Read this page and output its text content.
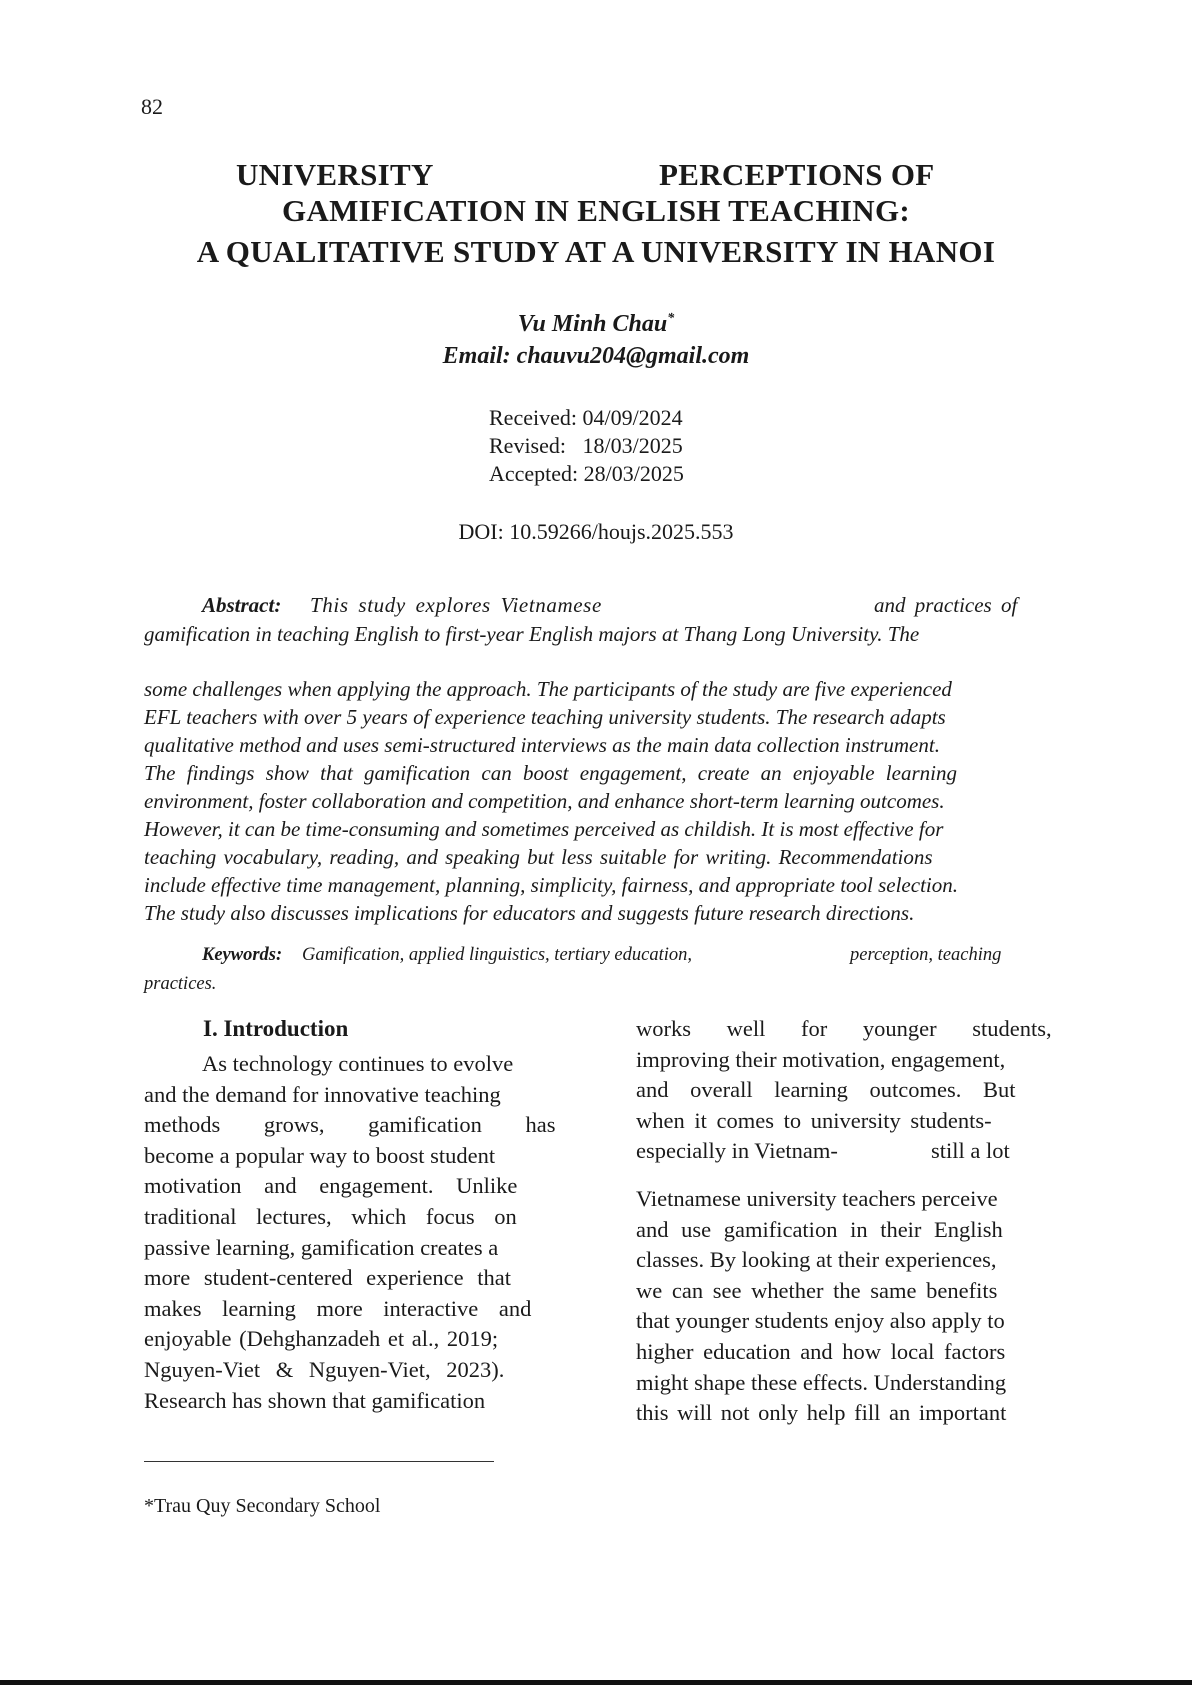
82
UNIVERSITY	PERCEPTIONS OF
GAMIFICATION IN ENGLISH TEACHING:
A QUALITATIVE STUDY AT A UNIVERSITY IN HANOI
Vu Minh Chau*
Email: chauvu204@gmail.com
Received: 04/09/2024
Revised:   18/03/2025
Accepted: 28/03/2025
DOI: 10.59266/houjs.2025.553
Abstract: This study explores Vietnamese	and practices of
gamification in teaching English to first-year English majors at Thang Long University. The
some challenges when applying the approach. The participants of the study are five experienced
EFL teachers with over 5 years of experience teaching university students. The research adapts
qualitative method and uses semi-structured interviews as the main data collection instrument.
The findings show that gamification can boost engagement, create an enjoyable learning
environment, foster collaboration and competition, and enhance short-term learning outcomes.
However, it can be time-consuming and sometimes perceived as childish. It is most effective for
teaching vocabulary, reading, and speaking but less suitable for writing. Recommendations
include effective time management, planning, simplicity, fairness, and appropriate tool selection.
The study also discusses implications for educators and suggests future research directions.
Keywords: Gamification, applied linguistics, tertiary education,	perception, teaching
practices.
I. Introduction
As technology continues to evolve
and the demand for innovative teaching
methods grows, gamification has
become a popular way to boost student
motivation and engagement. Unlike
traditional lectures, which focus on
passive learning, gamification creates a
more student-centered experience that
makes learning more interactive and
enjoyable (Dehghanzadeh et al., 2019;
Nguyen-Viet & Nguyen-Viet, 2023).
Research has shown that gamification
works well for younger students,
improving their motivation, engagement,
and overall learning outcomes. But
when it comes to university students-
especially in Vietnam-	still a lot
Vietnamese university teachers perceive
and use gamification in their English
classes. By looking at their experiences,
we can see whether the same benefits
that younger students enjoy also apply to
higher education and how local factors
might shape these effects. Understanding
this will not only help fill an important
*Trau Quy Secondary School
